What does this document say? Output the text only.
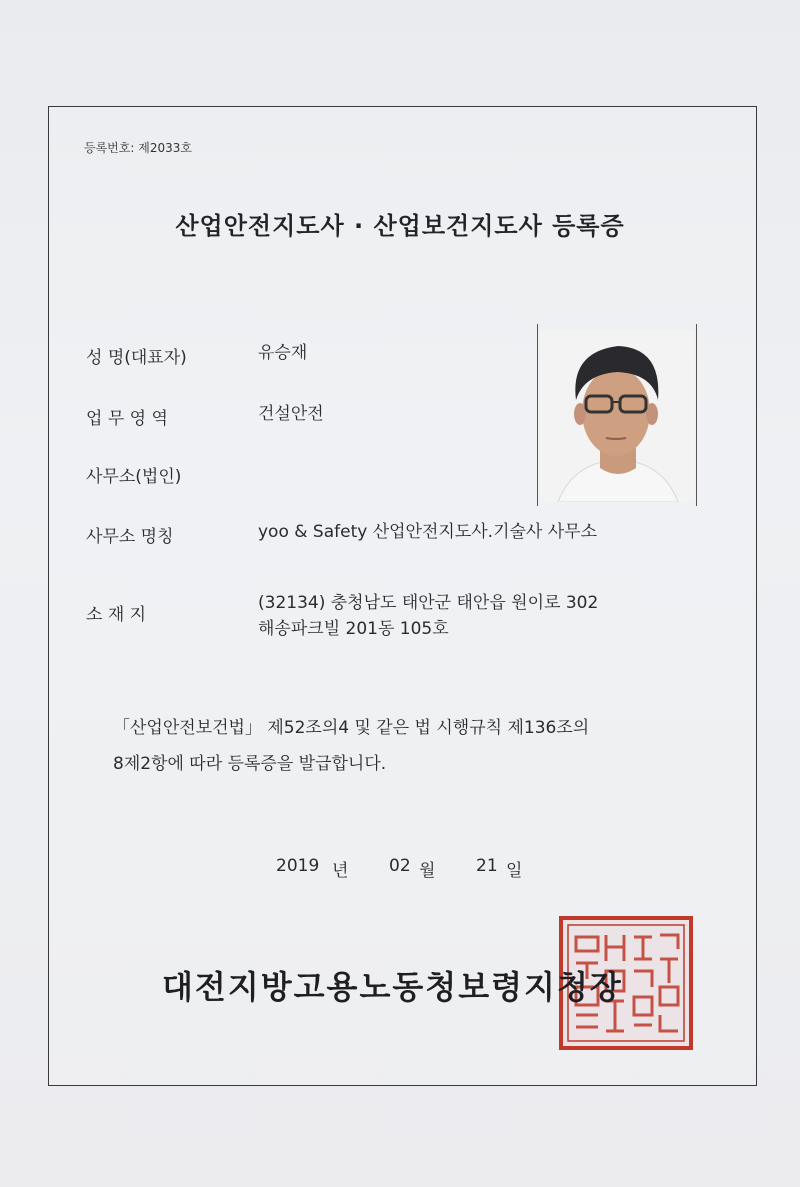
등록번호: 제2033호
산업안전지도사 · 산업보건지도사 등록증
성 명(대표자)	유승재
업 무 영 역	건설안전
사무소(법인)
사무소 명칭	yoo & Safety 산업안전지도사.기술사 사무소
소 재 지
(32134) 충청남도 태안군 태안읍 원이로 302
해송파크빌 201동 105호
「산업안전보건법」 제52조의4 및 같은 법 시행규칙 제136조의
8제2항에 따라 등록증을 발급합니다.
2019 년 02 월 21 일
대전지방고용노동청보령지청장
